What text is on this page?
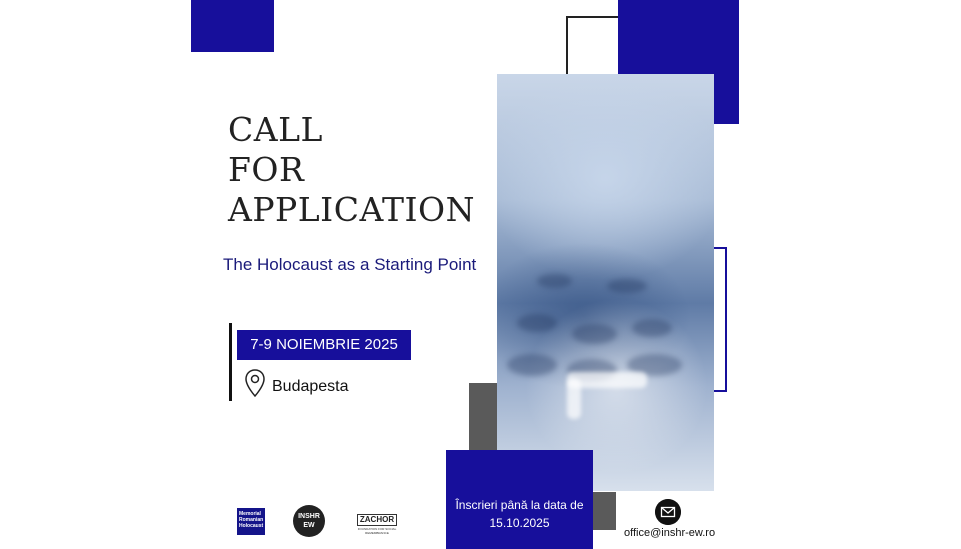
CALL
FOR
APPLICATION
The Holocaust as a Starting Point
7-9 NOIEMBRIE 2025
Budapesta
Înscrieri până la data de
15.10.2025
office@inshr-ew.ro
Memorial Romanian Holocaust
INSHR
EW
ZACHOR
FOUNDATION FOR SOCIAL REMEMBRANCE
